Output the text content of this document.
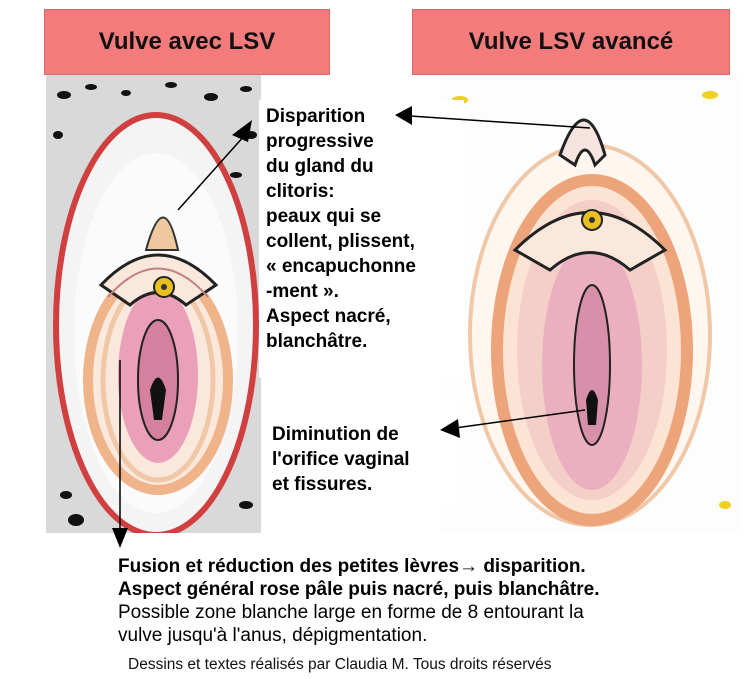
Vulve avec LSV	Vulve LSV avancé
Disparition
progressive
du gland du
clitoris:
peaux qui se
collent, plissent,
« encapuchonne
-ment ».
Aspect nacré,
blanchâtre.
Diminution de
l'orifice vaginal
et fissures.
Fusion et réduction des petites lèvres→ disparition.
Aspect général rose pâle puis nacré, puis blanchâtre.
Possible zone blanche large en forme de 8 entourant la
vulve jusqu'à l'anus, dépigmentation.
Dessins et textes réalisés par Claudia M. Tous droits réservés
